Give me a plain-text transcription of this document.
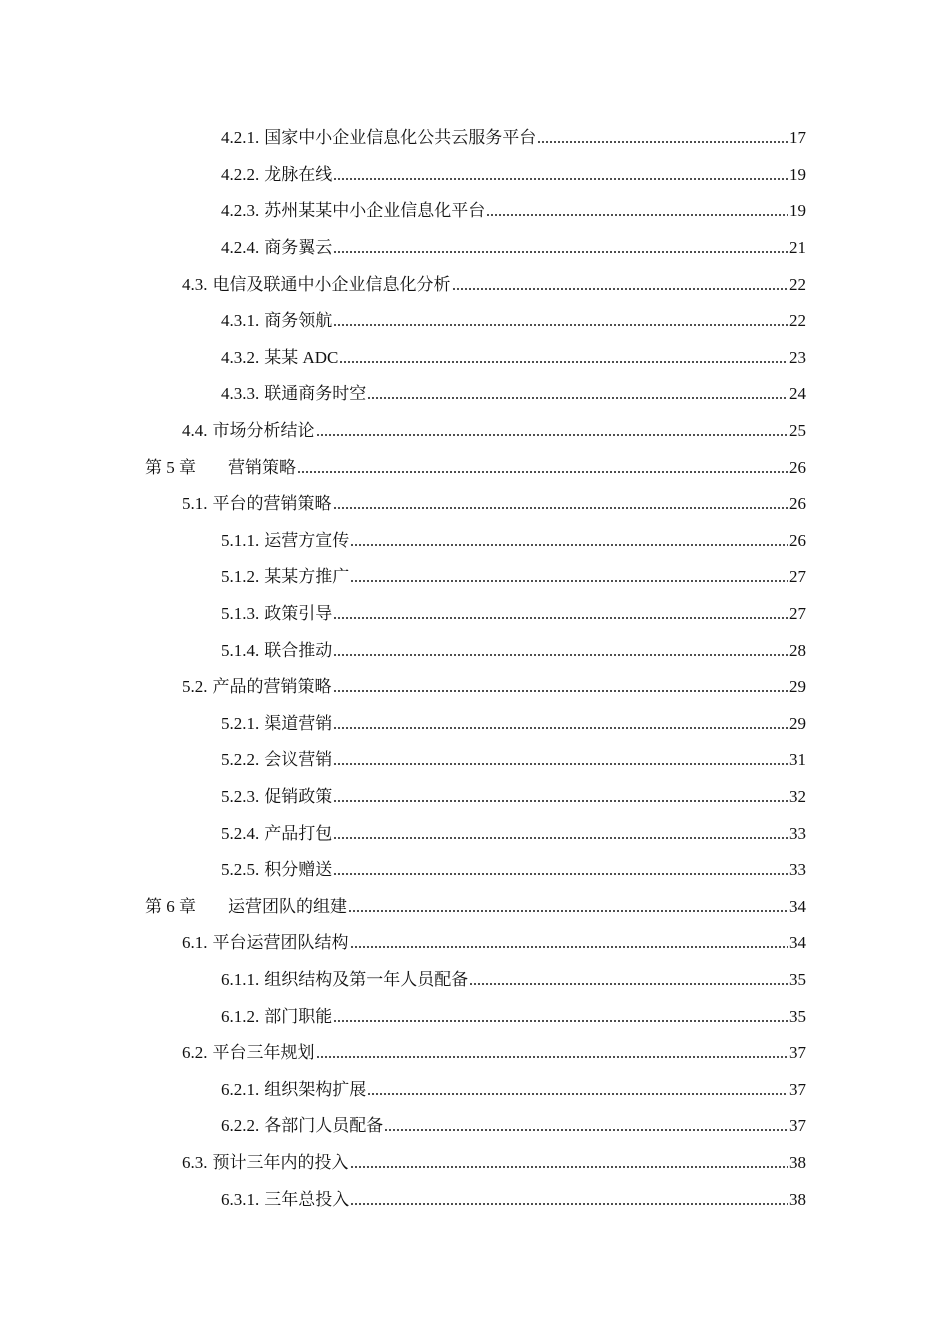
4.2.1. 国家中小企业信息化公共云服务平台	17
4.2.2. 龙脉在线	19
4.2.3. 苏州某某中小企业信息化平台	19
4.2.4. 商务翼云	21
4.3. 电信及联通中小企业信息化分析	22
4.3.1. 商务领航	22
4.3.2. 某某 ADC	23
4.3.3. 联通商务时空	24
4.4. 市场分析结论	25
第 5 章	营销策略	26
5.1. 平台的营销策略	26
5.1.1. 运营方宣传	26
5.1.2. 某某方推广	27
5.1.3. 政策引导	27
5.1.4. 联合推动	28
5.2. 产品的营销策略	29
5.2.1. 渠道营销	29
5.2.2. 会议营销	31
5.2.3. 促销政策	32
5.2.4. 产品打包	33
5.2.5. 积分赠送	33
第 6 章	运营团队的组建	34
6.1. 平台运营团队结构	34
6.1.1. 组织结构及第一年人员配备	35
6.1.2. 部门职能	35
6.2. 平台三年规划	37
6.2.1. 组织架构扩展	37
6.2.2. 各部门人员配备	37
6.3. 预计三年内的投入	38
6.3.1. 三年总投入	38
